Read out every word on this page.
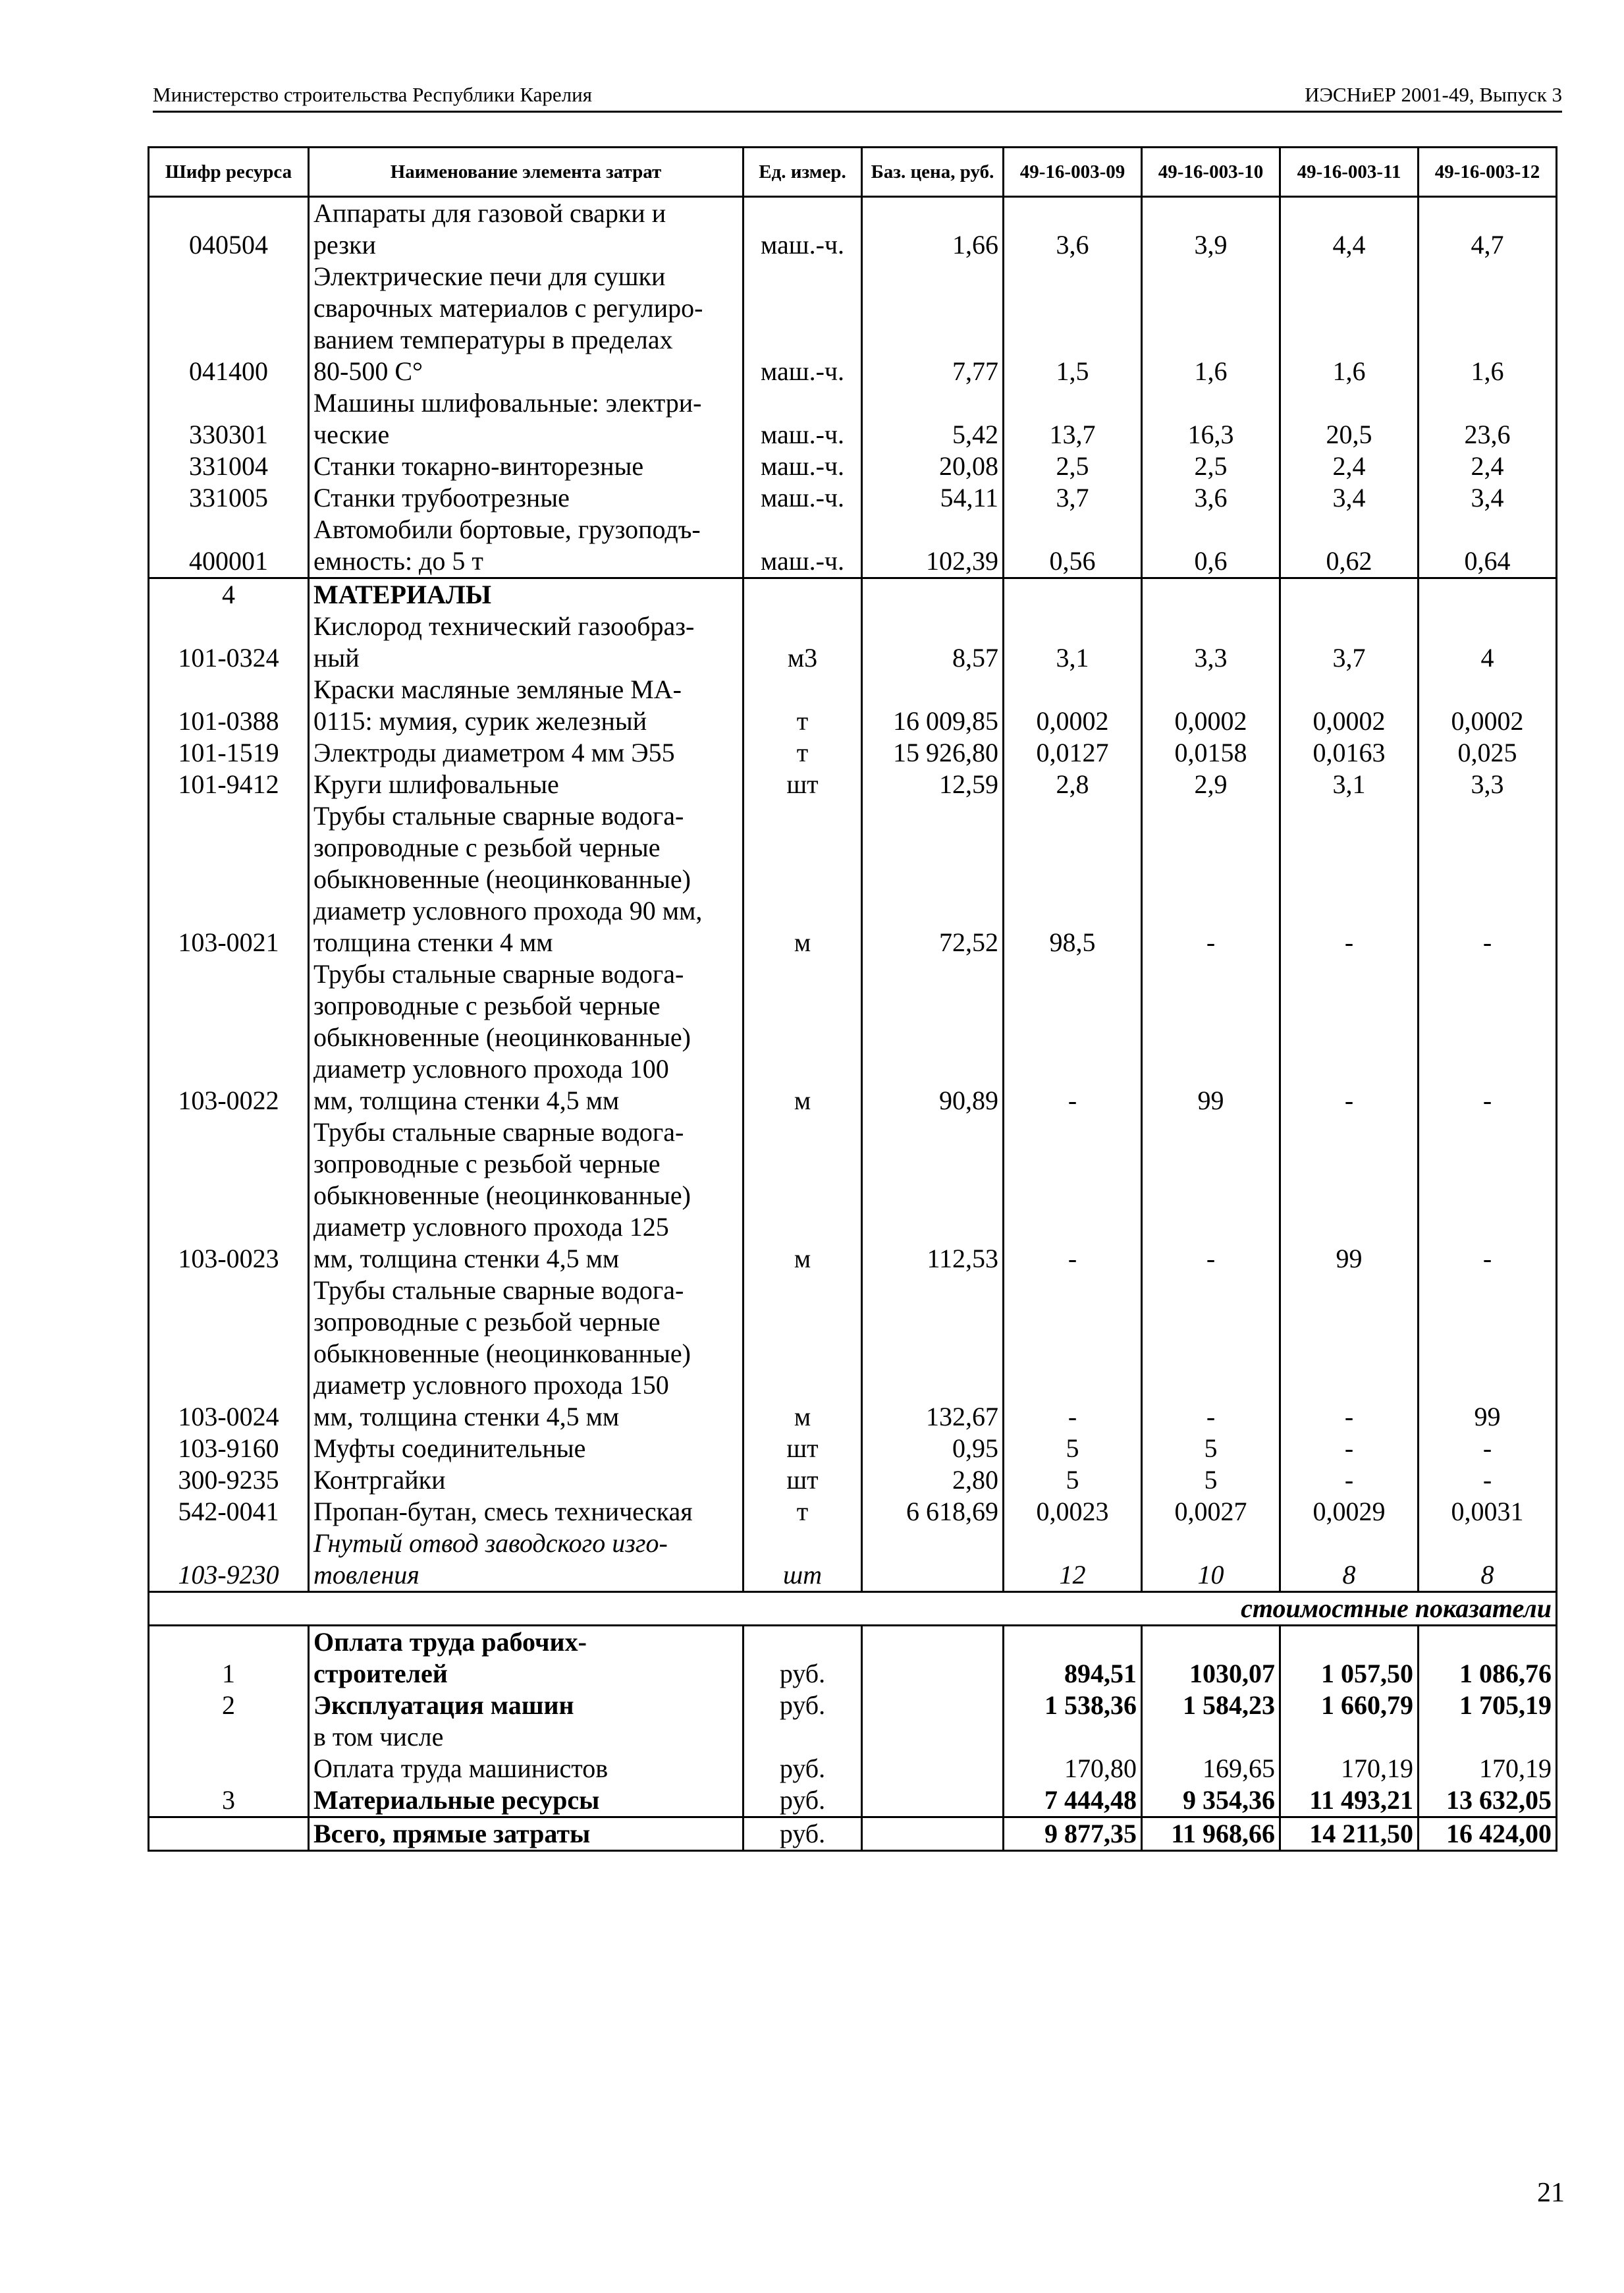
Министерство строительства Республики Карелия	ИЭСНиЕР 2001-49, Выпуск 3
Шифр ресурса	Наименование элемента затрат	Ед. измер.	Баз. цена, руб.	49-16-003-09	49-16-003-10	49-16-003-11	49-16-003-12
040504	Аппараты для газовой сварки и
резки	маш.-ч.	1,66	3,6	3,9	4,4	4,7
041400	Электрические печи для сушки
сварочных материалов с регулиро-
ванием температуры в пределах
80-500 С°	маш.-ч.	7,77	1,5	1,6	1,6	1,6
330301	Машины шлифовальные: электри-
ческие	маш.-ч.	5,42	13,7	16,3	20,5	23,6
331004	Станки токарно-винторезные	маш.-ч.	20,08	2,5	2,5	2,4	2,4
331005	Станки трубоотрезные	маш.-ч.	54,11	3,7	3,6	3,4	3,4
400001	Автомобили бортовые, грузоподъ-
емность: до 5 т	маш.-ч.	102,39	0,56	0,6	0,62	0,64
4	МАТЕРИАЛЫ						

101-0324	Кислород технический газообраз-
ный	м3	8,57	3,1	3,3	3,7	4
101-0388	Краски масляные земляные МА-
0115: мумия, сурик железный	т	16 009,85	0,0002	0,0002	0,0002	0,0002
101-1519	Электроды диаметром 4 мм Э55	т	15 926,80	0,0127	0,0158	0,0163	0,025
101-9412	Круги шлифовальные	шт	12,59	2,8	2,9	3,1	3,3
103-0021	Трубы стальные сварные водога-
зопроводные с резьбой черные
обыкновенные (неоцинкованные)
диаметр условного прохода 90 мм,
толщина стенки 4 мм	м	72,52	98,5	-	-	-
103-0022	Трубы стальные сварные водога-
зопроводные с резьбой черные
обыкновенные (неоцинкованные)
диаметр условного прохода 100
мм, толщина стенки 4,5 мм	м	90,89	-	99	-	-
103-0023	Трубы стальные сварные водога-
зопроводные с резьбой черные
обыкновенные (неоцинкованные)
диаметр условного прохода 125
мм, толщина стенки 4,5 мм	м	112,53	-	-	99	-
103-0024	Трубы стальные сварные водога-
зопроводные с резьбой черные
обыкновенные (неоцинкованные)
диаметр условного прохода 150
мм, толщина стенки 4,5 мм	м	132,67	-	-	-	99
103-9160	Муфты соединительные	шт	0,95	5	5	-	-
300-9235	Контргайки	шт	2,80	5	5	-	-
542-0041	Пропан-бутан, смесь техническая	т	6 618,69	0,0023	0,0027	0,0029	0,0031
103-9230	Гнутый отвод заводского изго-
товления	шт		12	10	8	8
стоимостные показатели							
1	Оплата труда рабочих-
строителей	руб.		894,51	1030,07	1 057,50	1 086,76
2	Эксплуатация машин	руб.		1 538,36	1 584,23	1 660,79	1 705,19

	в том числе						

	Оплата труда машинистов	руб.		170,80	169,65	170,19	170,19
3	Материальные ресурсы	руб.		7 444,48	9 354,36	11 493,21	13 632,05

	Всего, прямые затраты	руб.		9 877,35	11 968,66	14 211,50	16 424,00
21
